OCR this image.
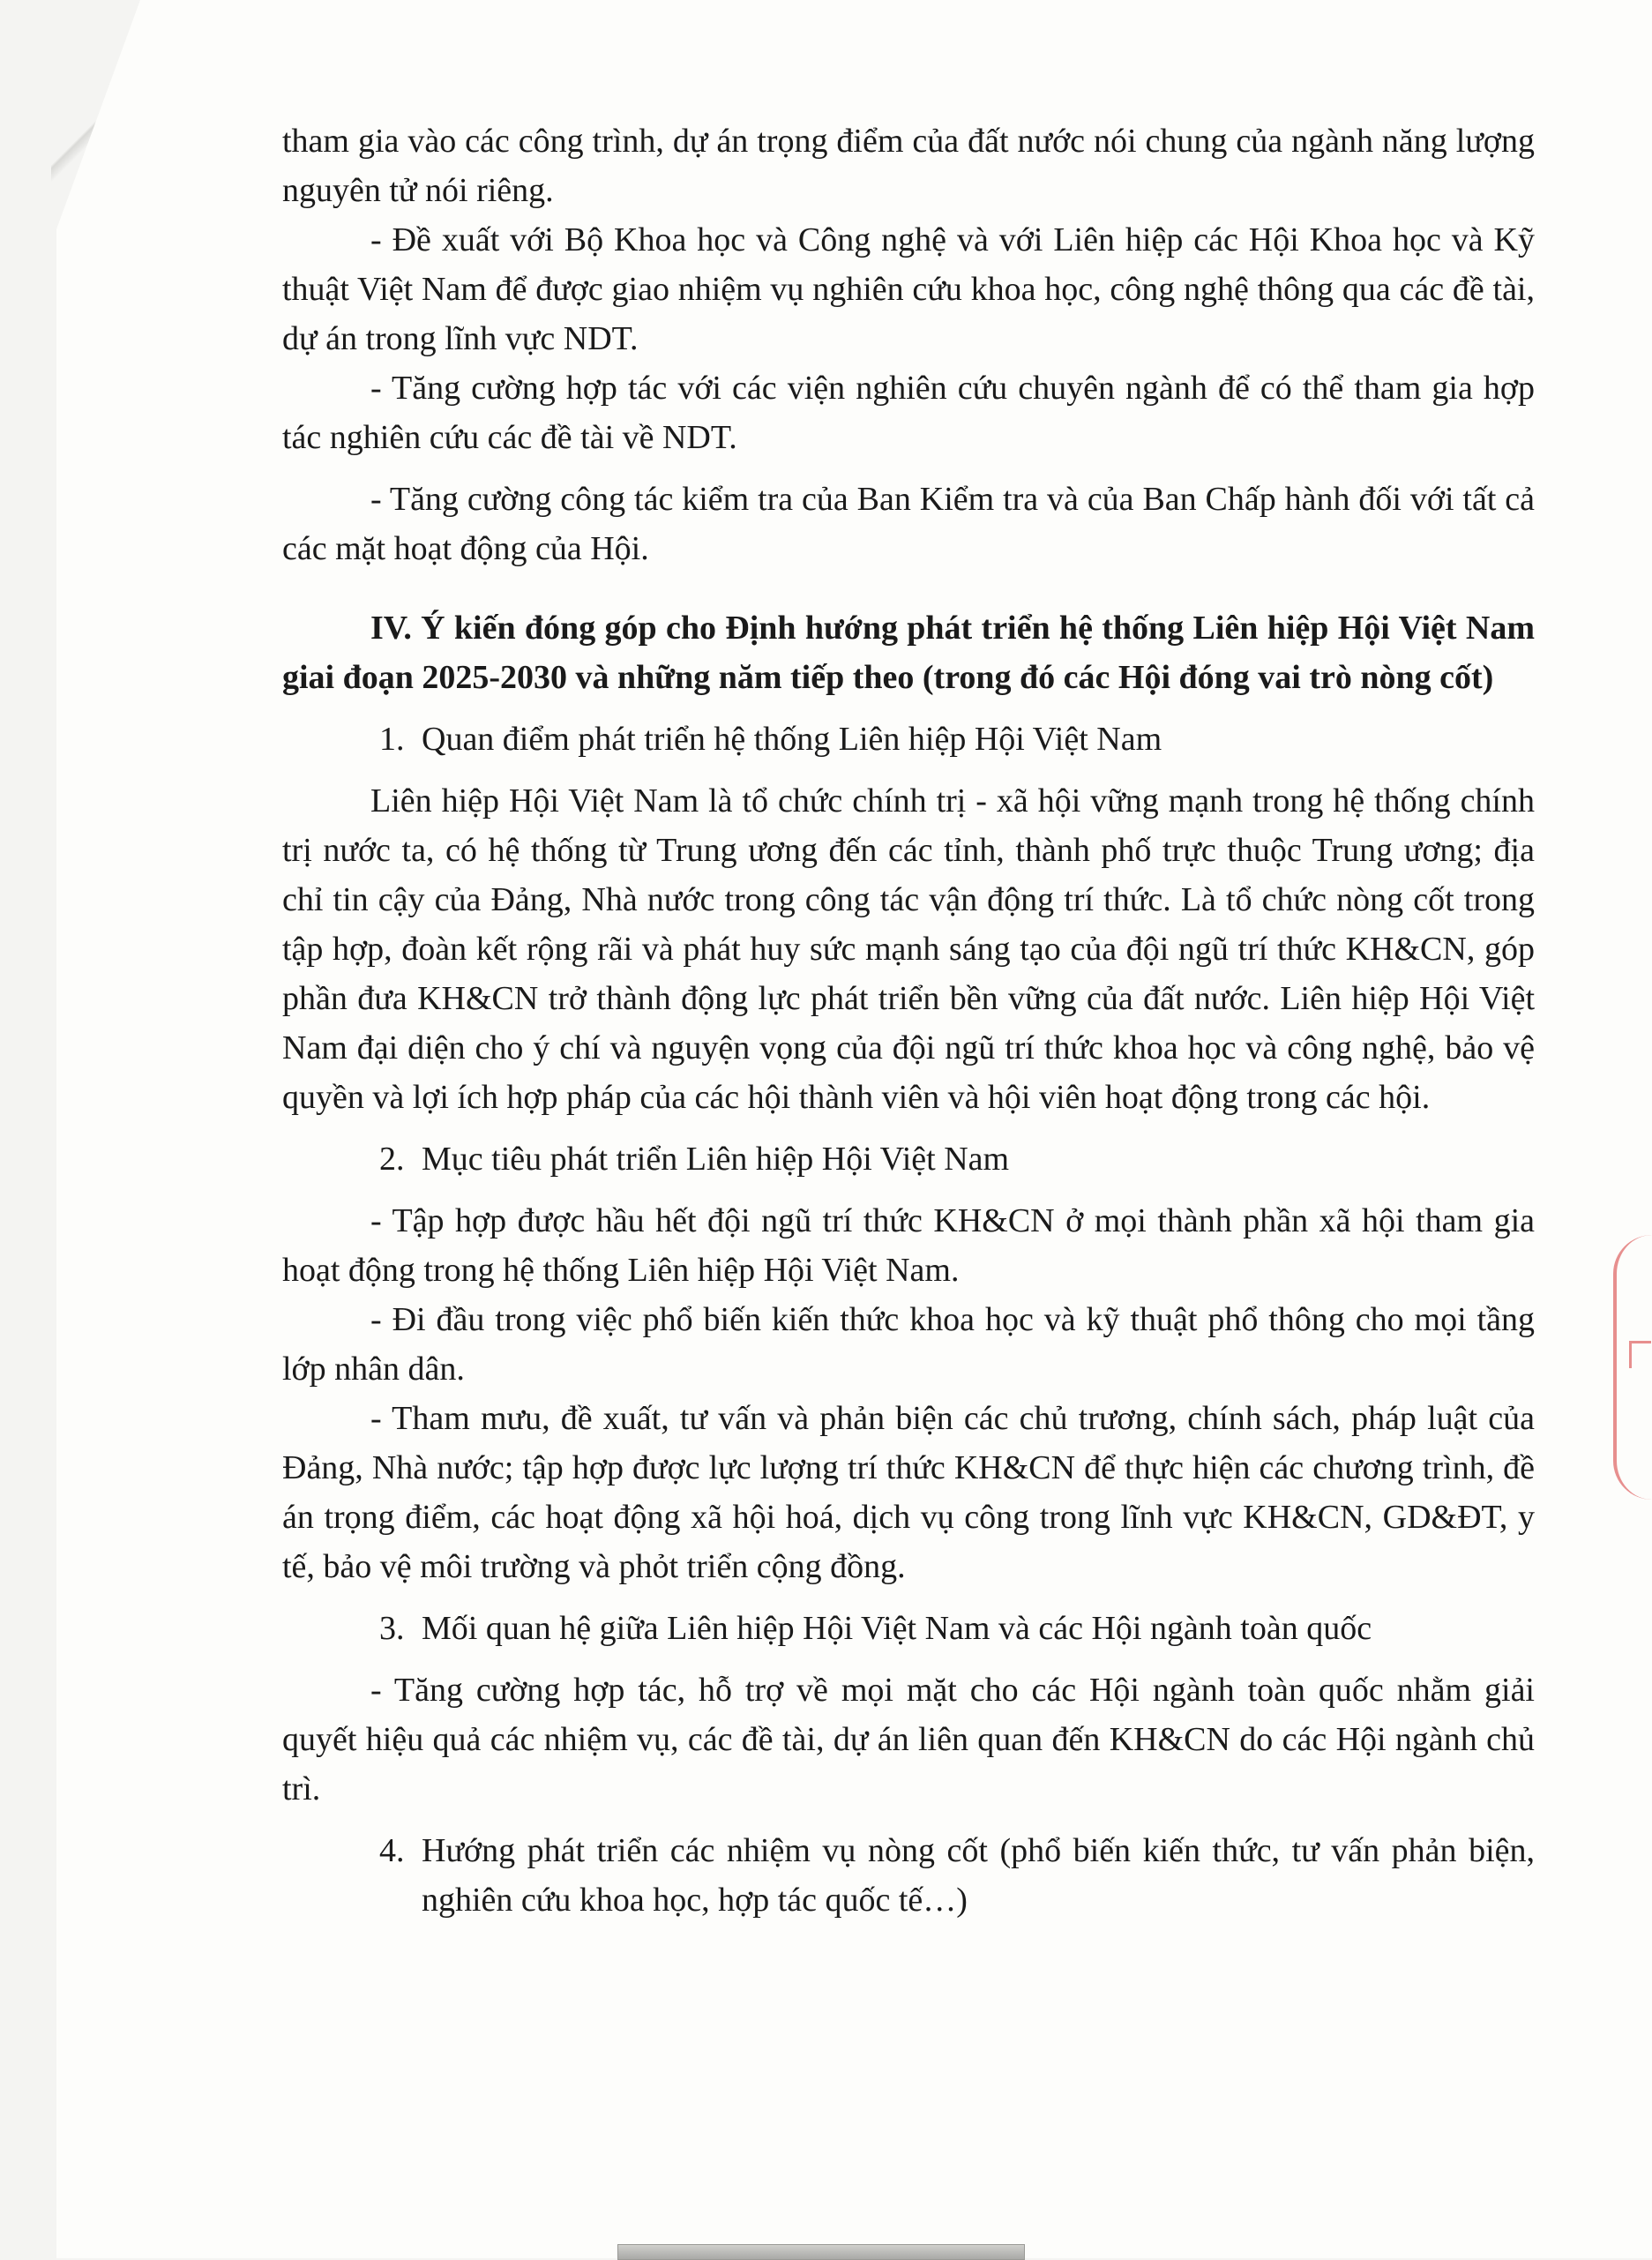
tham gia vào các công trình, dự án trọng điểm của đất nước nói chung của ngành năng lượng nguyên tử nói riêng.

- Đề xuất với Bộ Khoa học và Công nghệ và với Liên hiệp các Hội Khoa học và Kỹ thuật Việt Nam để được giao nhiệm vụ nghiên cứu khoa học, công nghệ thông qua các đề tài, dự án trong lĩnh vực NDT.

- Tăng cường hợp tác với các viện nghiên cứu chuyên ngành để có thể tham gia hợp tác nghiên cứu các đề tài về NDT.

- Tăng cường công tác kiểm tra của Ban Kiểm tra và của Ban Chấp hành đối với tất cả các mặt hoạt động của Hội.

IV. Ý kiến đóng góp cho Định hướng phát triển hệ thống Liên hiệp Hội Việt Nam giai đoạn 2025-2030 và những năm tiếp theo (trong đó các Hội đóng vai trò nòng cốt)

1. Quan điểm phát triển hệ thống Liên hiệp Hội Việt Nam

Liên hiệp Hội Việt Nam là tổ chức chính trị - xã hội vững mạnh trong hệ thống chính trị nước ta, có hệ thống từ Trung ương đến các tỉnh, thành phố trực thuộc Trung ương; địa chỉ tin cậy của Đảng, Nhà nước trong công tác vận động trí thức. Là tổ chức nòng cốt trong tập hợp, đoàn kết rộng rãi và phát huy sức mạnh sáng tạo của đội ngũ trí thức KH&CN, góp phần đưa KH&CN trở thành động lực phát triển bền vững của đất nước. Liên hiệp Hội Việt Nam đại diện cho ý chí và nguyện vọng của đội ngũ trí thức khoa học và công nghệ, bảo vệ quyền và lợi ích hợp pháp của các hội thành viên và hội viên hoạt động trong các hội.

2. Mục tiêu phát triển Liên hiệp Hội Việt Nam

- Tập hợp được hầu hết đội ngũ trí thức KH&CN ở mọi thành phần xã hội tham gia hoạt động trong hệ thống Liên hiệp Hội Việt Nam.

- Đi đầu trong việc phổ biến kiến thức khoa học và kỹ thuật phổ thông cho mọi tầng lớp nhân dân.

- Tham mưu, đề xuất, tư vấn và phản biện các chủ trương, chính sách, pháp luật của Đảng, Nhà nước; tập hợp được lực lượng trí thức KH&CN để thực hiện các chương trình, đề án trọng điểm, các hoạt động xã hội hoá, dịch vụ công trong lĩnh vực KH&CN, GD&ĐT, y tế, bảo vệ môi trường và phỏt triển cộng đồng.

3. Mối quan hệ giữa Liên hiệp Hội Việt Nam và các Hội ngành toàn quốc

- Tăng cường hợp tác, hỗ trợ về mọi mặt cho các Hội ngành toàn quốc nhằm giải quyết hiệu quả các nhiệm vụ, các đề tài, dự án liên quan đến KH&CN do các Hội ngành chủ trì.

4. Hướng phát triển các nhiệm vụ nòng cốt (phổ biến kiến thức, tư vấn phản biện, nghiên cứu khoa học, hợp tác quốc tế…)
